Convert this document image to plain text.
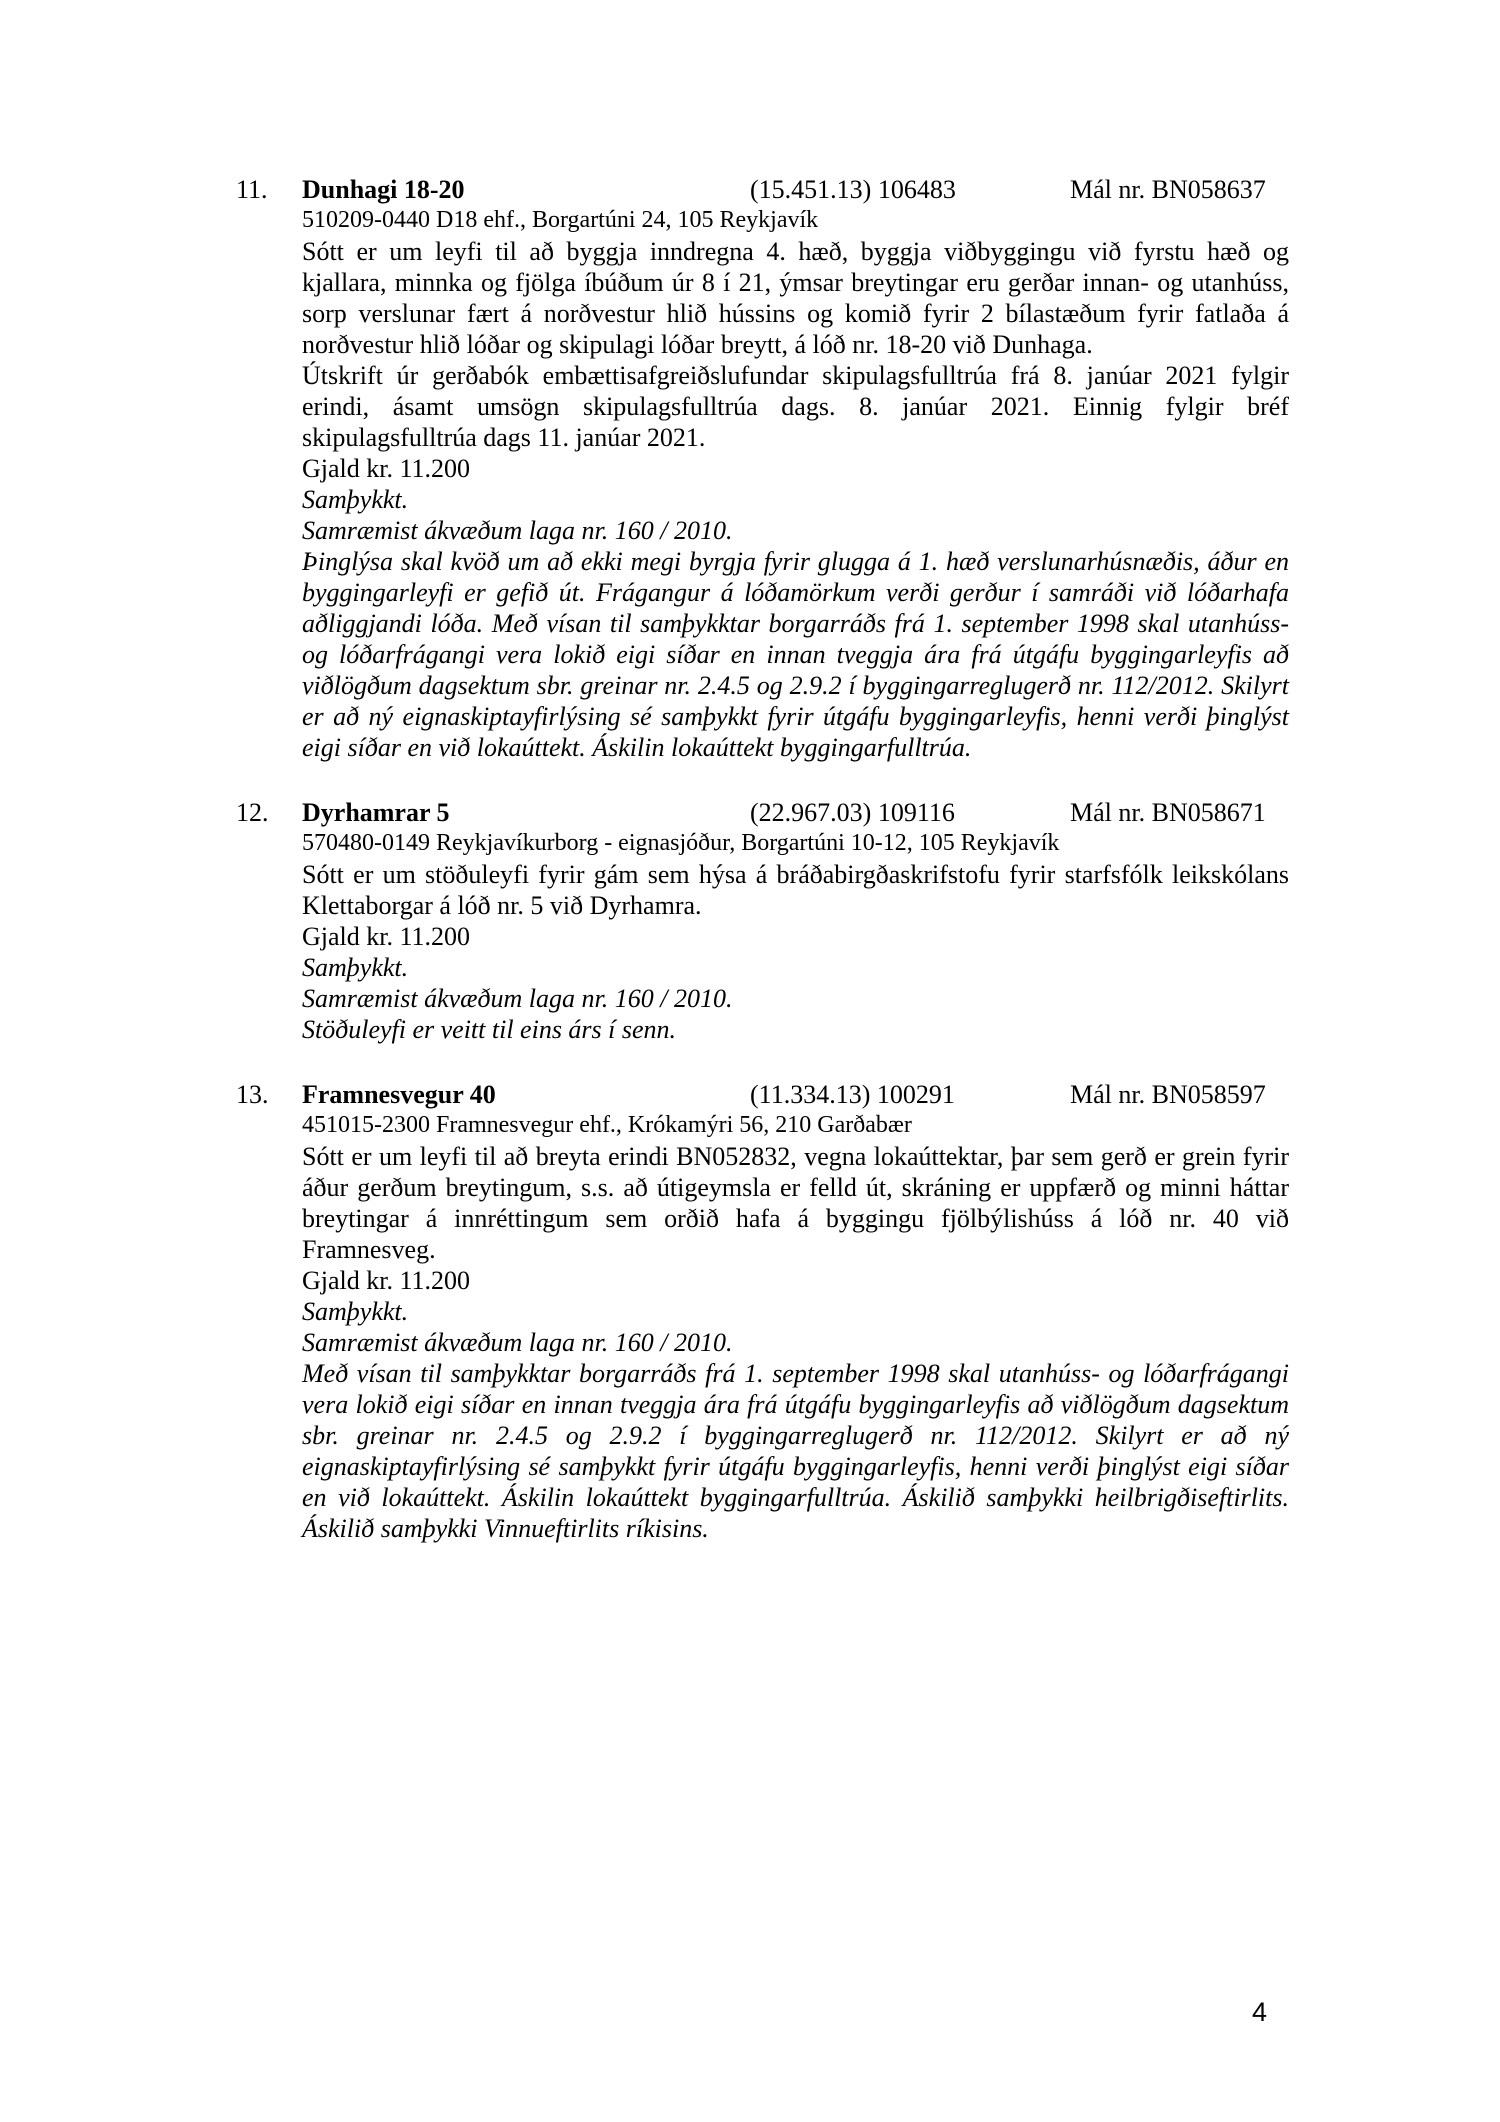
11. Dunhagi 18-20	(15.451.13) 106483	Mál nr. BN058637

510209-0440 D18 ehf., Borgartúni 24, 105 Reykjavík

Sótt er um leyfi til að byggja inndregna 4. hæð, byggja viðbyggingu við fyrstu hæð og kjallara, minnka og fjölga íbúðum úr 8 í 21, ýmsar breytingar eru gerðar innan- og utanhúss, sorp verslunar fært á norðvestur hlið hússins og komið fyrir 2 bílastæðum fyrir fatlaða á norðvestur hlið lóðar og skipulagi lóðar breytt, á lóð nr. 18-20 við Dunhaga.

Útskrift úr gerðabók embættisafgreiðslufundar skipulagsfulltrúa frá 8. janúar 2021 fylgir erindi, ásamt umsögn skipulagsfulltrúa dags. 8. janúar 2021. Einnig fylgir bréf skipulagsfulltrúa dags 11. janúar 2021.

Gjald kr. 11.200

Samþykkt.

Samræmist ákvæðum laga nr. 160 / 2010.

Þinglýsa skal kvöð um að ekki megi byrgja fyrir glugga á 1. hæð verslunarhúsnæðis, áður en byggingarleyfi er gefið út. Frágangur á lóðamörkum verði gerður í samráði við lóðarhafa aðliggjandi lóða. Með vísan til samþykktar borgarráðs frá 1. september 1998 skal utanhúss- og lóðarfrágangi vera lokið eigi síðar en innan tveggja ára frá útgáfu byggingarleyfis að viðlögðum dagsektum sbr. greinar nr. 2.4.5 og 2.9.2 í byggingarreglugerð nr. 112/2012. Skilyrt er að ný eignaskiptayfirlýsing sé samþykkt fyrir útgáfu byggingarleyfis, henni verði þinglýst eigi síðar en við lokaúttekt. Áskilin lokaúttekt byggingarfulltrúa.

12. Dyrhamrar 5	(22.967.03) 109116	Mál nr. BN058671

570480-0149 Reykjavíkurborg - eignasjóður, Borgartúni 10-12, 105 Reykjavík

Sótt er um stöðuleyfi fyrir gám sem hýsa á bráðabirgðaskrifstofu fyrir starfsfólk leikskólans Klettaborgar á lóð nr. 5 við Dyrhamra.

Gjald kr. 11.200

Samþykkt.

Samræmist ákvæðum laga nr. 160 / 2010.

Stöðuleyfi er veitt til eins árs í senn.

13. Framnesvegur 40	(11.334.13) 100291	Mál nr. BN058597

451015-2300 Framnesvegur ehf., Krókamýri 56, 210 Garðabær

Sótt er um leyfi til að breyta erindi BN052832, vegna lokaúttektar, þar sem gerð er grein fyrir áður gerðum breytingum, s.s. að útigeymsla er felld út, skráning er uppfærð og minni háttar breytingar á innréttingum sem orðið hafa á byggingu fjölbýlishúss á lóð nr. 40 við Framnesveg.

Gjald kr. 11.200

Samþykkt.

Samræmist ákvæðum laga nr. 160 / 2010.

Með vísan til samþykktar borgarráðs frá 1. september 1998 skal utanhúss- og lóðarfrágangi vera lokið eigi síðar en innan tveggja ára frá útgáfu byggingarleyfis að viðlögðum dagsektum sbr. greinar nr. 2.4.5 og 2.9.2 í byggingarreglugerð nr. 112/2012. Skilyrt er að ný eignaskiptayfirlýsing sé samþykkt fyrir útgáfu byggingarleyfis, henni verði þinglýst eigi síðar en við lokaúttekt. Áskilin lokaúttekt byggingarfulltrúa. Áskilið samþykki heilbrigðiseftirlits. Áskilið samþykki Vinnueftirlits ríkisins.

4
